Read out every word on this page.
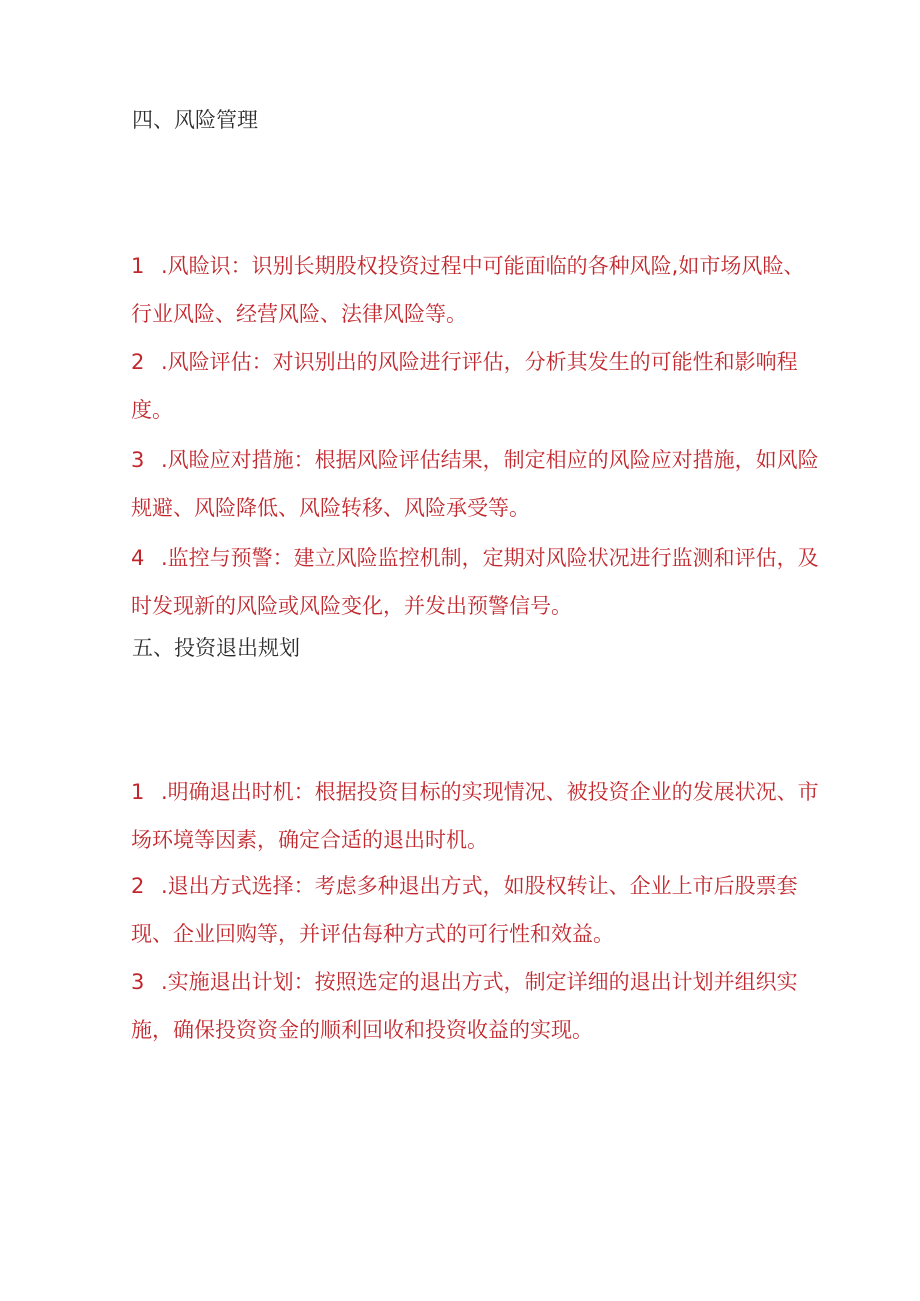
四、风险管理
1 .风睑识：识别长期股权投资过程中可能面临的各种风险,如市场风睑、行业风险、经营风险、法律风险等。
2 .风险评估：对识别出的风险进行评估，分析其发生的可能性和影响程度。
3 .风睑应对措施：根据风险评估结果，制定相应的风险应对措施，如风险规避、风险降低、风险转移、风险承受等。
4 .监控与预警：建立风险监控机制，定期对风险状况进行监测和评估，及时发现新的风险或风险变化，并发出预警信号。
五、投资退出规划
1 .明确退出时机：根据投资目标的实现情况、被投资企业的发展状况、市场环境等因素，确定合适的退出时机。
2 .退出方式选择：考虑多种退出方式，如股权转让、企业上市后股票套现、企业回购等，并评估每种方式的可行性和效益。
3 .实施退出计划：按照选定的退出方式，制定详细的退出计划并组织实施，确保投资资金的顺利回收和投资收益的实现。
